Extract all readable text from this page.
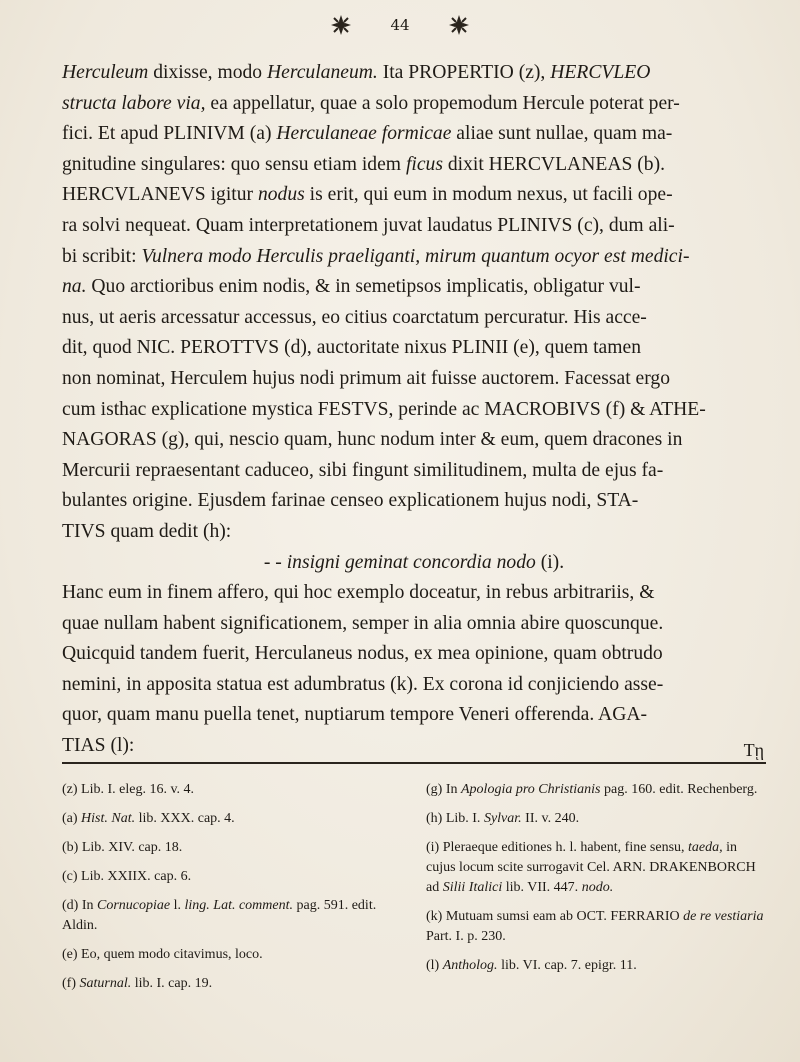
44

Herculeum dixisse, modo Herculaneum. Ita PROPERTIO (z), HERCVLEO

structa labore via, ea appellatur, quae a solo propemodum Hercule poterat per-

fici. Et apud PLINIVM (a) Herculaneae formicae aliae sunt nullae, quam ma-

gnitudine singulares: quo sensu etiam idem ficus dixit HERCVLANEAS (b).

HERCVLANEVS igitur nodus is erit, qui eum in modum nexus, ut facili ope-

ra solvi nequeat. Quam interpretationem juvat laudatus PLINIVS (c), dum ali-

bi scribit: Vulnera modo Herculis praeliganti, mirum quantum ocyor est medici-

na. Quo arctioribus enim nodis, & in semetipsos implicatis, obligatur vul-

nus, ut aeris arcessatur accessus, eo citius coarctatum percuratur. His acce-

dit, quod NIC. PEROTTVS (d), auctoritate nixus PLINII (e), quem tamen

non nominat, Herculem hujus nodi primum ait fuisse auctorem. Facessat ergo

cum isthac explicatione mystica FESTVS, perinde ac MACROBIVS (f) & ATHE-

NAGORAS (g), qui, nescio quam, hunc nodum inter & eum, quem dracones in

Mercurii repraesentant caduceo, sibi fingunt similitudinem, multa de ejus fa-

bulantes origine. Ejusdem farinae censeo explicationem hujus nodi, STA-

TIVS quam dedit (h):

- - insigni geminat concordia nodo (i).

Hanc eum in finem affero, qui hoc exemplo doceatur, in rebus arbitrariis, &

quae nullam habent significationem, semper in alia omnia abire quoscunque.

Quicquid tandem fuerit, Herculaneus nodus, ex mea opinione, quam obtrudo

nemini, in apposita statua est adumbratus (k). Ex corona id conjiciendo asse-

quor, quam manu puella tenet, nuptiarum tempore Veneri offerenda. AGA-

TIAS (l):	Tῃ

(z) Lib. I. eleg. 16. v. 4.

(a) Hist. Nat. lib. XXX. cap. 4.

(b) Lib. XIV. cap. 18.

(c) Lib. XXIIX. cap. 6.

(d) In Cornucopiae l. ling. Lat. comment. pag. 591. edit. Aldin.

(e) Eo, quem modo citavimus, loco.

(f) Saturnal. lib. I. cap. 19.

(g) In Apologia pro Christianis pag. 160. edit. Rechenberg.

(h) Lib. I. Sylvar. II. v. 240.

(i) Pleraeque editiones h. l. habent, fine sensu, taeda, in cujus locum scite surrogavit Cel. ARN. DRAKENBORCH ad Silii Italici lib. VII. 447. nodo.

(k) Mutuam sumsi eam ab OCT. FERRARIO de re vestiaria Part. I. p. 230.

(l) Antholog. lib. VI. cap. 7. epigr. 11.
